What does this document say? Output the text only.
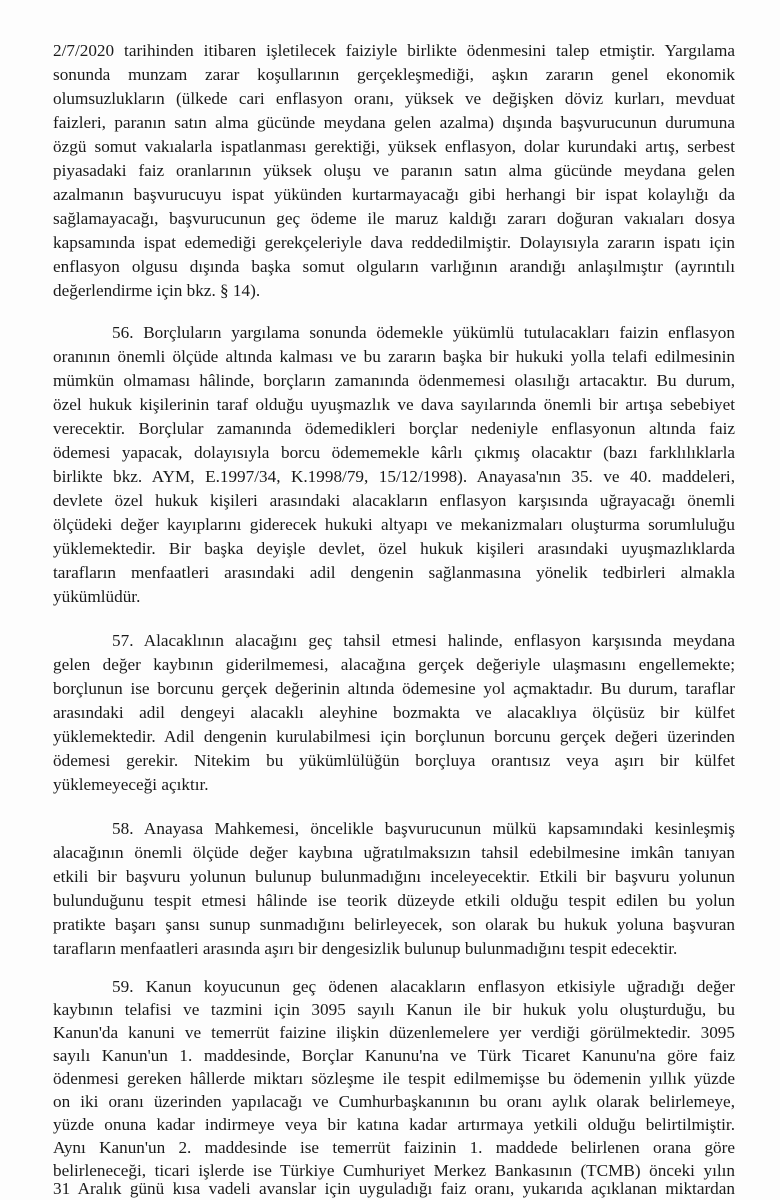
2/7/2020 tarihinden itibaren işletilecek faiziyle birlikte ödenmesini talep etmiştir. Yargılama
sonunda munzam zarar koşullarının gerçekleşmediği, aşkın zararın genel ekonomik
olumsuzlukların (ülkede cari enflasyon oranı, yüksek ve değişken döviz kurları, mevduat
faizleri, paranın satın alma gücünde meydana gelen azalma) dışında başvurucunun durumuna
özgü somut vakıalarla ispatlanması gerektiği, yüksek enflasyon, dolar kurundaki artış, serbest
piyasadaki faiz oranlarının yüksek oluşu ve paranın satın alma gücünde meydana gelen
azalmanın başvurucuyu ispat yükünden kurtarmayacağı gibi herhangi bir ispat kolaylığı da
sağlamayacağı, başvurucunun geç ödeme ile maruz kaldığı zararı doğuran vakıaları dosya
kapsamında ispat edemediği gerekçeleriyle dava reddedilmiştir. Dolayısıyla zararın ispatı için
enflasyon olgusu dışında başka somut olguların varlığının arandığı anlaşılmıştır (ayrıntılı
değerlendirme için bkz. § 14).
56. Borçluların yargılama sonunda ödemekle yükümlü tutulacakları faizin enflasyon
oranının önemli ölçüde altında kalması ve bu zararın başka bir hukuki yolla telafi edilmesinin
mümkün olmaması hâlinde, borçların zamanında ödenmemesi olasılığı artacaktır. Bu durum,
özel hukuk kişilerinin taraf olduğu uyuşmazlık ve dava sayılarında önemli bir artışa sebebiyet
verecektir. Borçlular zamanında ödemedikleri borçlar nedeniyle enflasyonun altında faiz
ödemesi yapacak, dolayısıyla borcu ödememekle kârlı çıkmış olacaktır (bazı farklılıklarla
birlikte bkz. AYM, E.1997/34, K.1998/79, 15/12/1998). Anayasa'nın 35. ve 40. maddeleri,
devlete özel hukuk kişileri arasındaki alacakların enflasyon karşısında uğrayacağı önemli
ölçüdeki değer kayıplarını giderecek hukuki altyapı ve mekanizmaları oluşturma sorumluluğu
yüklemektedir. Bir başka deyişle devlet, özel hukuk kişileri arasındaki uyuşmazlıklarda
tarafların menfaatleri arasındaki adil dengenin sağlanmasına yönelik tedbirleri almakla
yükümlüdür.
57. Alacaklının alacağını geç tahsil etmesi halinde, enflasyon karşısında meydana
gelen değer kaybının giderilmemesi, alacağına gerçek değeriyle ulaşmasını engellemekte;
borçlunun ise borcunu gerçek değerinin altında ödemesine yol açmaktadır. Bu durum, taraflar
arasındaki adil dengeyi alacaklı aleyhine bozmakta ve alacaklıya ölçüsüz bir külfet
yüklemektedir. Adil dengenin kurulabilmesi için borçlunun borcunu gerçek değeri üzerinden
ödemesi gerekir. Nitekim bu yükümlülüğün borçluya orantısız veya aşırı bir külfet
yüklemeyeceği açıktır.
58. Anayasa Mahkemesi, öncelikle başvurucunun mülkü kapsamındaki kesinleşmiş
alacağının önemli ölçüde değer kaybına uğratılmaksızın tahsil edebilmesine imkân tanıyan
etkili bir başvuru yolunun bulunup bulunmadığını inceleyecektir. Etkili bir başvuru yolunun
bulunduğunu tespit etmesi hâlinde ise teorik düzeyde etkili olduğu tespit edilen bu yolun
pratikte başarı şansı sunup sunmadığını belirleyecek, son olarak bu hukuk yoluna başvuran
tarafların menfaatleri arasında aşırı bir dengesizlik bulunup bulunmadığını tespit edecektir.
59. Kanun koyucunun geç ödenen alacakların enflasyon etkisiyle uğradığı değer
kaybının telafisi ve tazmini için 3095 sayılı Kanun ile bir hukuk yolu oluşturduğu, bu
Kanun'da kanuni ve temerrüt faizine ilişkin düzenlemelere yer verdiği görülmektedir. 3095
sayılı Kanun'un 1. maddesinde, Borçlar Kanunu'na ve Türk Ticaret Kanunu'na göre faiz
ödenmesi gereken hâllerde miktarı sözleşme ile tespit edilmemişse bu ödemenin yıllık yüzde
on iki oranı üzerinden yapılacağı ve Cumhurbaşkanının bu oranı aylık olarak belirlemeye,
yüzde onuna kadar indirmeye veya bir katına kadar artırmaya yetkili olduğu belirtilmiştir.
Aynı Kanun'un 2. maddesinde ise temerrüt faizinin 1. maddede belirlenen orana göre
belirleneceği, ticari işlerde ise Türkiye Cumhuriyet Merkez Bankasının (TCMB) önceki yılın
31 Aralık günü kısa vadeli avanslar için uyguladığı faiz oranı, yukarıda açıklanan miktardan
